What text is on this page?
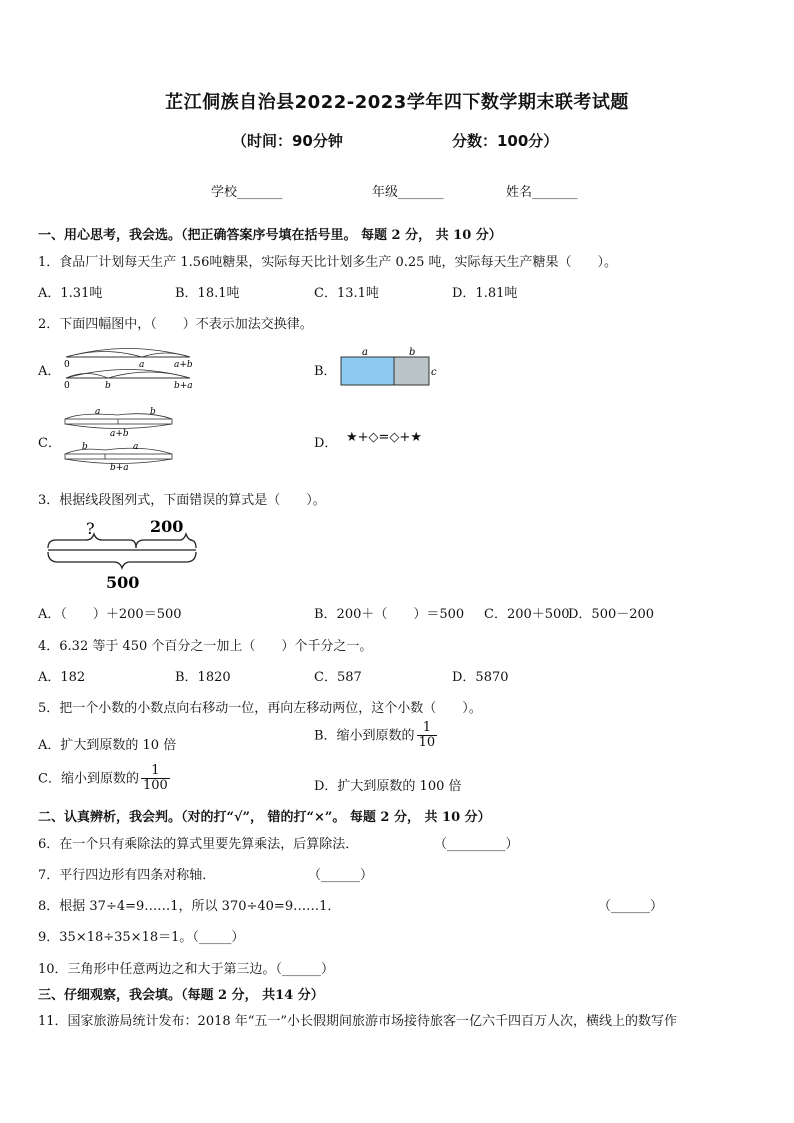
芷江侗族自治县2022-2023学年四下数学期末联考试题
（时间：90分钟	分数：100分）
学校_______	年级_______	姓名_______
一、用心思考，我会选。（把正确答案序号填在括号里。 每题 2 分， 共 10 分）
1．食品厂计划每天生产 1.56吨糖果，实际每天比计划多生产 0.25 吨，实际每天生产糖果（　　）。
A．1.31吨	B．18.1吨	C．13.1吨	D．1.81吨
2．下面四幅图中，（　　）不表示加法交换律。
A． 0	a	a+b
0	b	b+a
B．
a	b
c
C．
a	b
a+b
b	a
b+a
D． ★+◇=◇+★
3．根据线段图列式，下面错误的算式是（　　）。
?	200
500
A．（　　）＋200＝500	B．200＋（　　）＝500 C．200＋500
D．500－200
4．6.32 等于 450 个百分之一加上（　　）个千分之一。
A．182	B．1820	C．587	D．5870
5．把一个小数的小数点向右移动一位，再向左移动两位，这个小数（　　）。
A．扩大到原数的 10 倍
B．缩小到原数的 $\frac{1}{10}$
C．缩小到原数的 $\frac{1}{100}$	D．扩大到原数的 100 倍
二、认真辨析，我会判。（对的打“√”， 错的打“×”。 每题 2 分， 共 10 分）
6．在一个只有乘除法的算式里要先算乘法，后算除法．	（_________）
7．平行四边形有四条对称轴．	（______）
8．根据 37÷4=9……1，所以 370÷40=9……1．	（______）
9．35×18÷35×18＝1。（_____）
10．三角形中任意两边之和大于第三边。（______）
三、仔细观察，我会填。（每题 2 分， 共14 分）
11．国家旅游局统计发布：2018 年“五一”小长假期间旅游市场接待旅客一亿六千四百万人次，横线上的数写作
